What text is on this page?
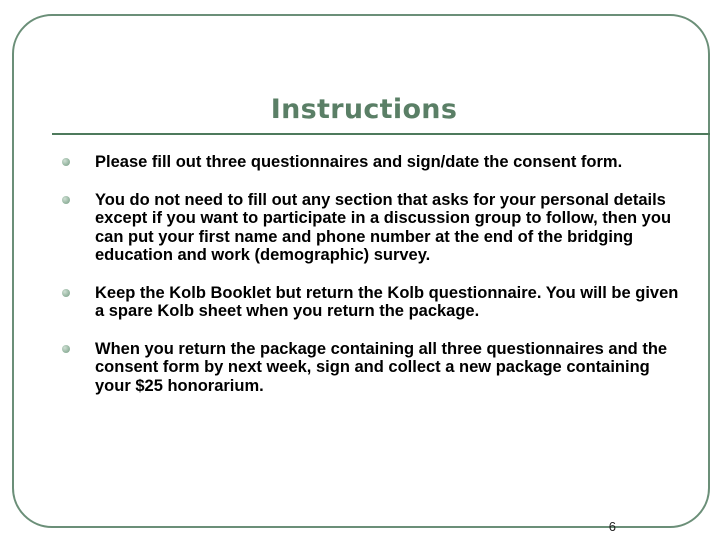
Instructions
Please fill out three questionnaires and sign/date the consent form.
You do not need to fill out any section that asks for your personal details except if you want to participate in a discussion group to follow, then you can put your first name and phone number at the end of the bridging education and work (demographic) survey.
Keep the Kolb Booklet but return the Kolb questionnaire. You will be given a spare Kolb sheet when you return the package.
When you return the package containing all three questionnaires and the consent form by next week, sign and collect a new package containing your $25 honorarium.
6
